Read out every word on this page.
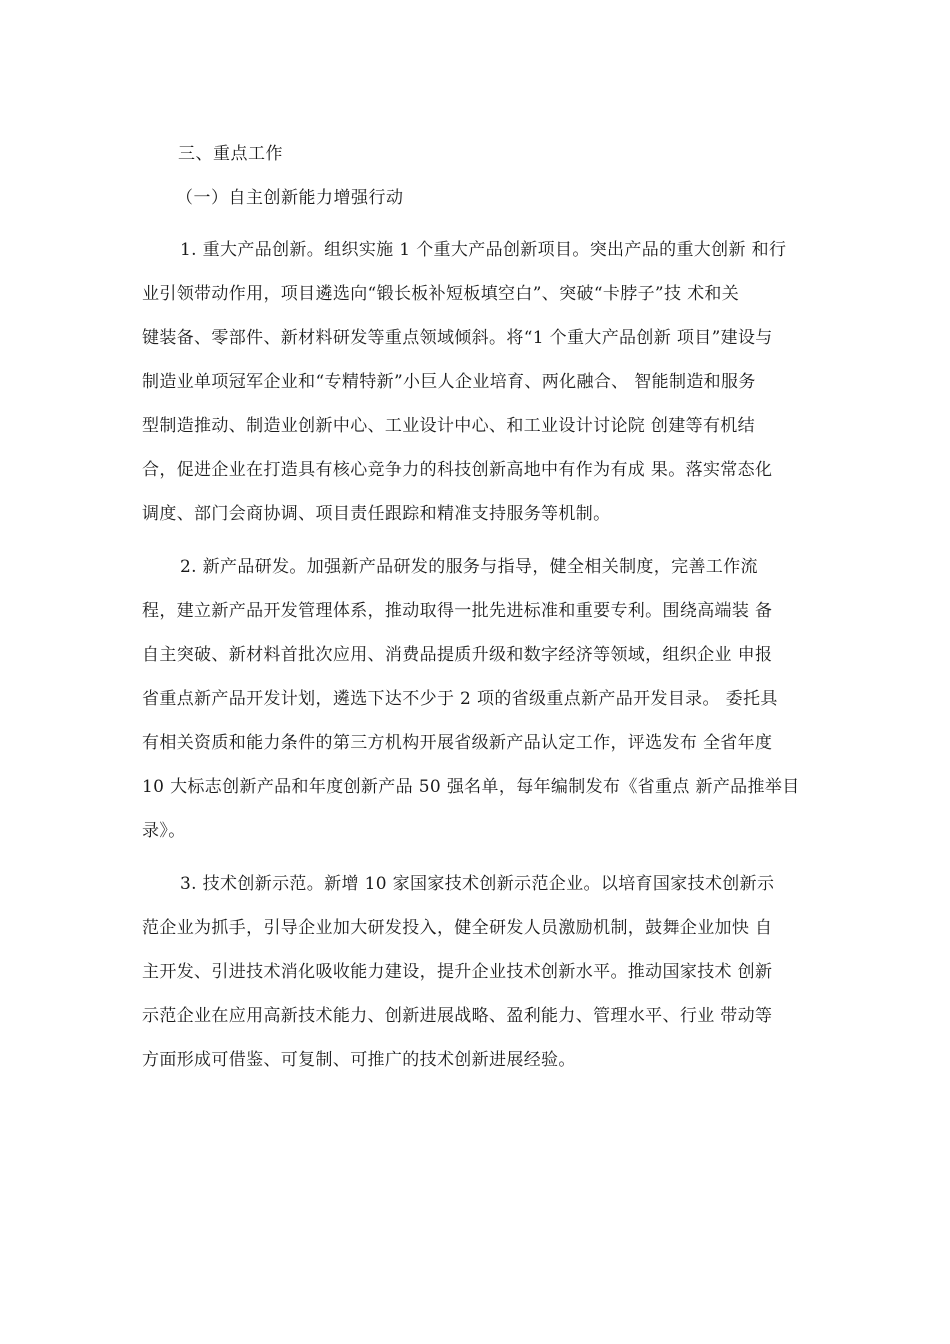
三、重点工作

（一）自主创新能力增强行动

1. 重大产品创新。组织实施 1 个重大产品创新项目。突出产品的重大创新 和行
业引领带动作用，项目遴选向“锻长板补短板填空白”、突破“卡脖子”技 术和关
键装备、零部件、新材料研发等重点领域倾斜。将“1 个重大产品创新 项目”建设与
制造业单项冠军企业和“专精特新”小巨人企业培育、两化融合、 智能制造和服务
型制造推动、制造业创新中心、工业设计中心、和工业设计讨论院 创建等有机结
合，促进企业在打造具有核心竞争力的科技创新高地中有作为有成 果。落实常态化
调度、部门会商协调、项目责任跟踪和精准支持服务等机制。
2. 新产品研发。加强新产品研发的服务与指导，健全相关制度，完善工作流
程，建立新产品开发管理体系，推动取得一批先进标准和重要专利。围绕高端装 备
自主突破、新材料首批次应用、消费品提质升级和数字经济等领域，组织企业 申报
省重点新产品开发计划，遴选下达不少于 2 项的省级重点新产品开发目录。 委托具
有相关资质和能力条件的第三方机构开展省级新产品认定工作，评选发布 全省年度
10 大标志创新产品和年度创新产品 50 强名单，每年编制发布《省重点 新产品推举目
录》。
3. 技术创新示范。新增 10 家国家技术创新示范企业。以培育国家技术创新示
范企业为抓手，引导企业加大研发投入，健全研发人员激励机制，鼓舞企业加快 自
主开发、引进技术消化吸收能力建设，提升企业技术创新水平。推动国家技术 创新
示范企业在应用高新技术能力、创新进展战略、盈利能力、管理水平、行业 带动等
方面形成可借鉴、可复制、可推广的技术创新进展经验。
